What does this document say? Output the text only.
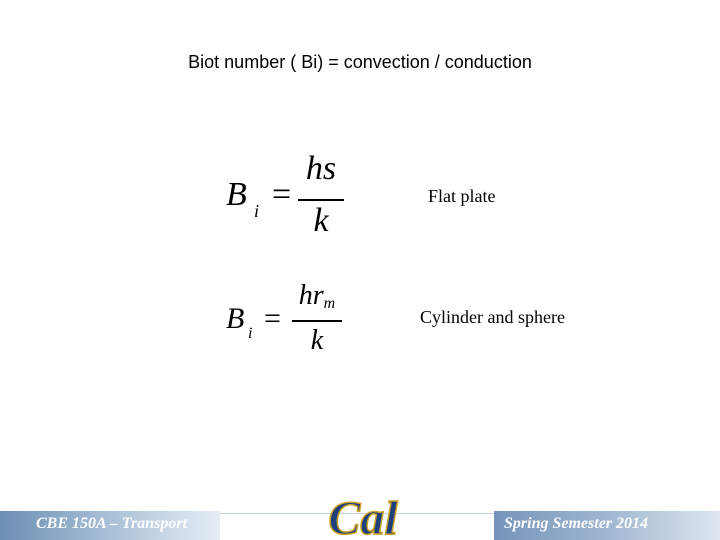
Biot number ( Bi) = convection / conduction
B i =
hs
k
Flat plate
B i =
hrm
k
Cylinder and sphere
CBE 150A – Transport	Spring Semester 2014
Cal
